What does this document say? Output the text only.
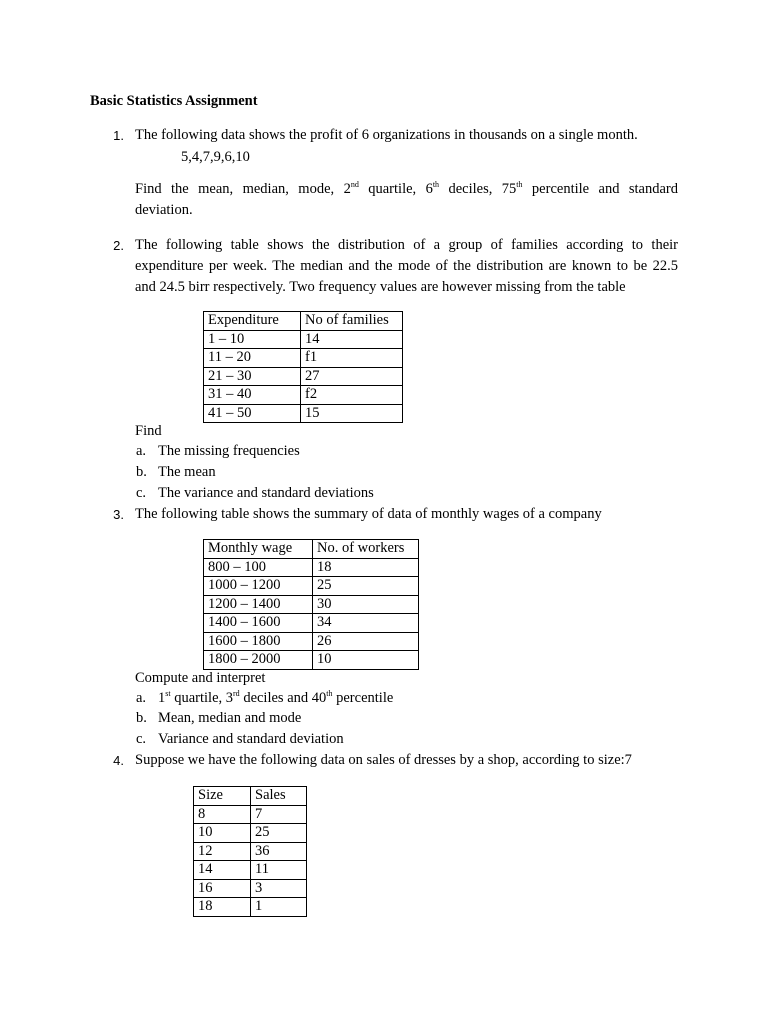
Basic Statistics Assignment
1. The following data shows the profit of 6 organizations in thousands on a single month.
5,4,7,9,6,10
Find the mean, median, mode, 2nd quartile, 6th deciles, 75th percentile and standard
deviation.
2. The following table shows the distribution of a group of families according to their
expenditure per week. The median and the mode of the distribution are known to be 22.5
and 24.5 birr respectively. Two frequency values are however missing from the table
Expenditure	No of families
1 – 10	14
11 – 20	f1
21 – 30	27
31 – 40	f2
41 – 50	15
Find
a. The missing frequencies
b. The mean
c. The variance and standard deviations
3. The following table shows the summary of data of monthly wages of a company
Monthly wage	No. of workers
800 – 100	18
1000 – 1200	25
1200 – 1400	30
1400 – 1600	34
1600 – 1800	26
1800 – 2000	10
Compute and interpret
a. 1st quartile, 3rd deciles and 40th percentile
b. Mean, median and mode
c. Variance and standard deviation
4. Suppose we have the following data on sales of dresses by a shop, according to size:7
Size	Sales
8	7
10	25
12	36
14	11
16	3
18	1
